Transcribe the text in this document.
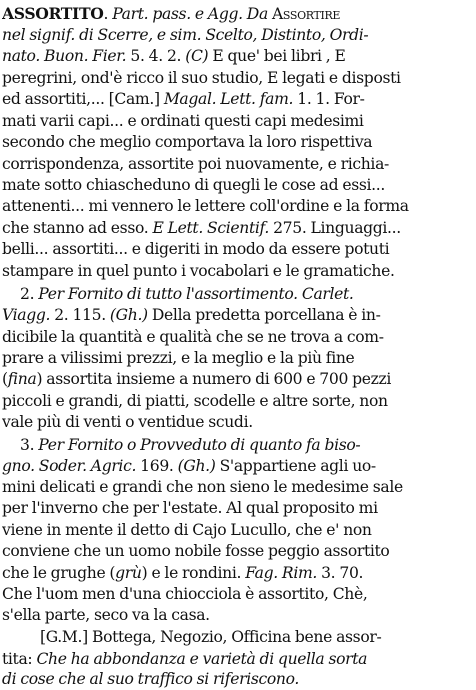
ASSORTITO. Part. pass. e Agg. Da Assortire
nel signif. di Scerre, e sim. Scelto, Distinto, Ordi-
nato. Buon. Fier. 5. 4. 2. (C) E que' bei libri , E
peregrini, ond'è ricco il suo studio, E legati e disposti
ed assortiti,... [Cam.] Magal. Lett. fam. 1. 1. For-
mati varii capi... e ordinati questi capi medesimi
secondo che meglio comportava la loro rispettiva
corrispondenza, assortite poi nuovamente, e richia-
mate sotto chiascheduno di quegli le cose ad essi...
attenenti... mi vennero le lettere coll'ordine e la forma
che stanno ad esso. E Lett. Scientif. 275. Linguaggi...
belli... assortiti... e digeriti in modo da essere potuti
stampare in quel punto i vocabolari e le gramatiche.
2. Per Fornito di tutto l'assortimento. Carlet.
Viagg. 2. 115. (Gh.) Della predetta porcellana è in-
dicibile la quantità e qualità che se ne trova a com-
prare a vilissimi prezzi, e la meglio e la più fine
(fina) assortita insieme a numero di 600 e 700 pezzi
piccoli e grandi, di piatti, scodelle e altre sorte, non
vale più di venti o ventidue scudi.
3. Per Fornito o Provveduto di quanto fa biso-
gno. Soder. Agric. 169. (Gh.) S'appartiene agli uo-
mini delicati e grandi che non sieno le medesime sale
per l'inverno che per l'estate. Al qual proposito mi
viene in mente il detto di Cajo Lucullo, che e' non
conviene che un uomo nobile fosse peggio assortito
che le grughe (grù) e le rondini. Fag. Rim. 3. 70.
Che l'uom men d'una chiocciola è assortito, Chè,
s'ella parte, seco va la casa.
[G.M.] Bottega, Negozio, Officina bene assor-
tita: Che ha abbondanza e varietà di quella sorta
di cose che al suo traffico si riferiscono.
